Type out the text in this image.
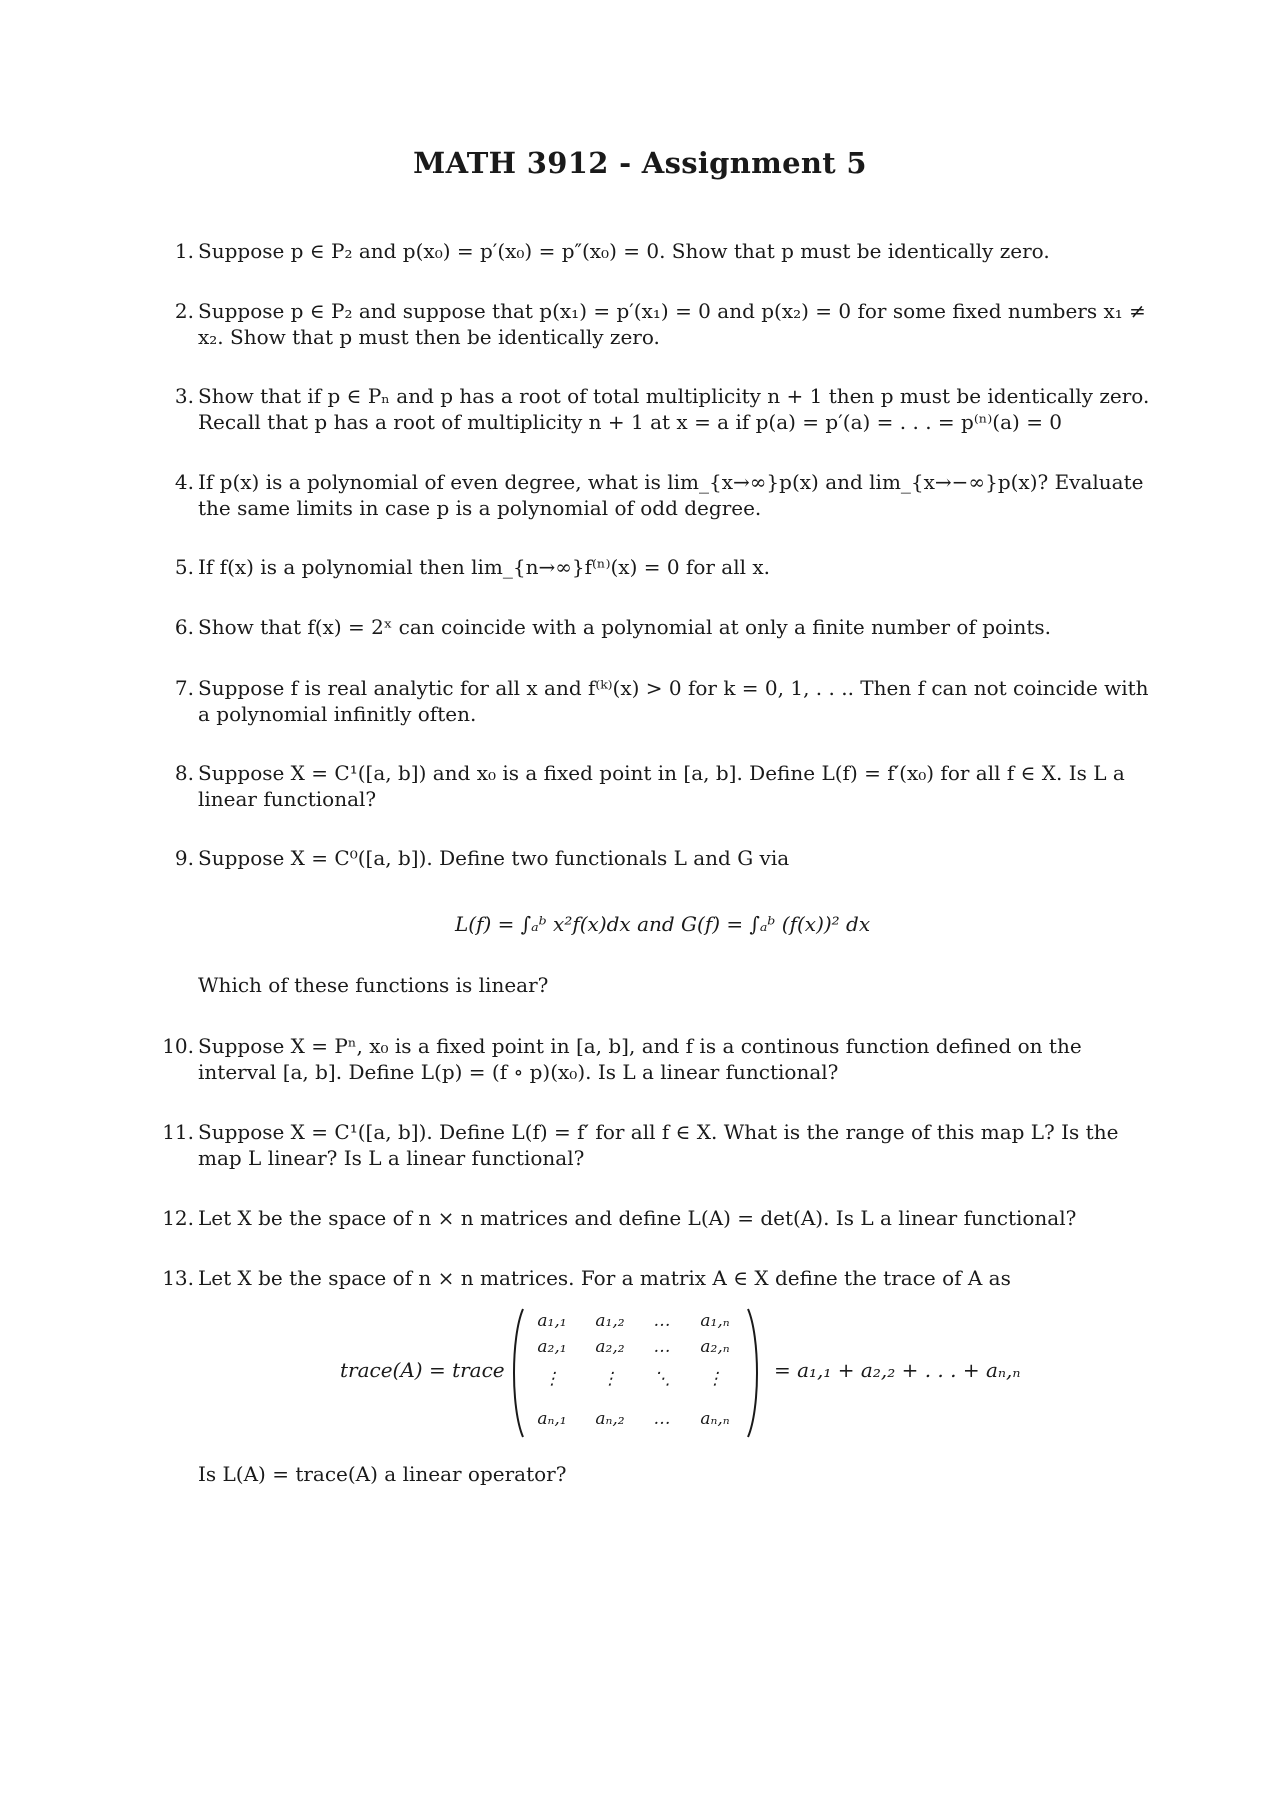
MATH 3912 - Assignment 5
1. Suppose p ∈ P₂ and p(x₀) = p′(x₀) = p″(x₀) = 0. Show that p must be identically zero.
2. Suppose p ∈ P₂ and suppose that p(x₁) = p′(x₁) = 0 and p(x₂) = 0 for some fixed numbers x₁ ≠ x₂. Show that p must then be identically zero.
3. Show that if p ∈ Pₙ and p has a root of total multiplicity n + 1 then p must be identically zero. Recall that p has a root of multiplicity n + 1 at x = a if p(a) = p′(a) = . . . = p⁽ⁿ⁾(a) = 0
4. If p(x) is a polynomial of even degree, what is lim_{x→∞}p(x) and lim_{x→−∞}p(x)? Evaluate the same limits in case p is a polynomial of odd degree.
5. If f(x) is a polynomial then lim_{n→∞}f⁽ⁿ⁾(x) = 0 for all x.
6. Show that f(x) = 2ˣ can coincide with a polynomial at only a finite number of points.
7. Suppose f is real analytic for all x and f⁽ᵏ⁾(x) > 0 for k = 0, 1, . . .. Then f can not coincide with a polynomial infinitly often.
8. Suppose X = C¹([a, b]) and x₀ is a fixed point in [a, b]. Define L(f) = f′(x₀) for all f ∈ X. Is L a linear functional?
9. Suppose X = C⁰([a, b]). Define two functionals L and G via
L(f) = ∫ₐᵇ x²f(x)dx and G(f) = ∫ₐᵇ (f(x))² dx
Which of these functions is linear?
10. Suppose X = Pⁿ, x₀ is a fixed point in [a, b], and f is a continous function defined on the interval [a, b]. Define L(p) = (f ∘ p)(x₀). Is L a linear functional?
11. Suppose X = C¹([a, b]). Define L(f) = f′ for all f ∈ X. What is the range of this map L? Is the map L linear? Is L a linear functional?
12. Let X be the space of n × n matrices and define L(A) = det(A). Is L a linear functional?
13. Let X be the space of n × n matrices. For a matrix A ∈ X define the trace of A as
trace(A) = trace
a₁,₁	a₁,₂	…	a₁,ₙ
a₂,₁	a₂,₂	…	a₂,ₙ
⋮	⋮	⋱	⋮
aₙ,₁	aₙ,₂	…	aₙ,ₙ
= a₁,₁ + a₂,₂ + . . . + aₙ,ₙ
Is L(A) = trace(A) a linear operator?
